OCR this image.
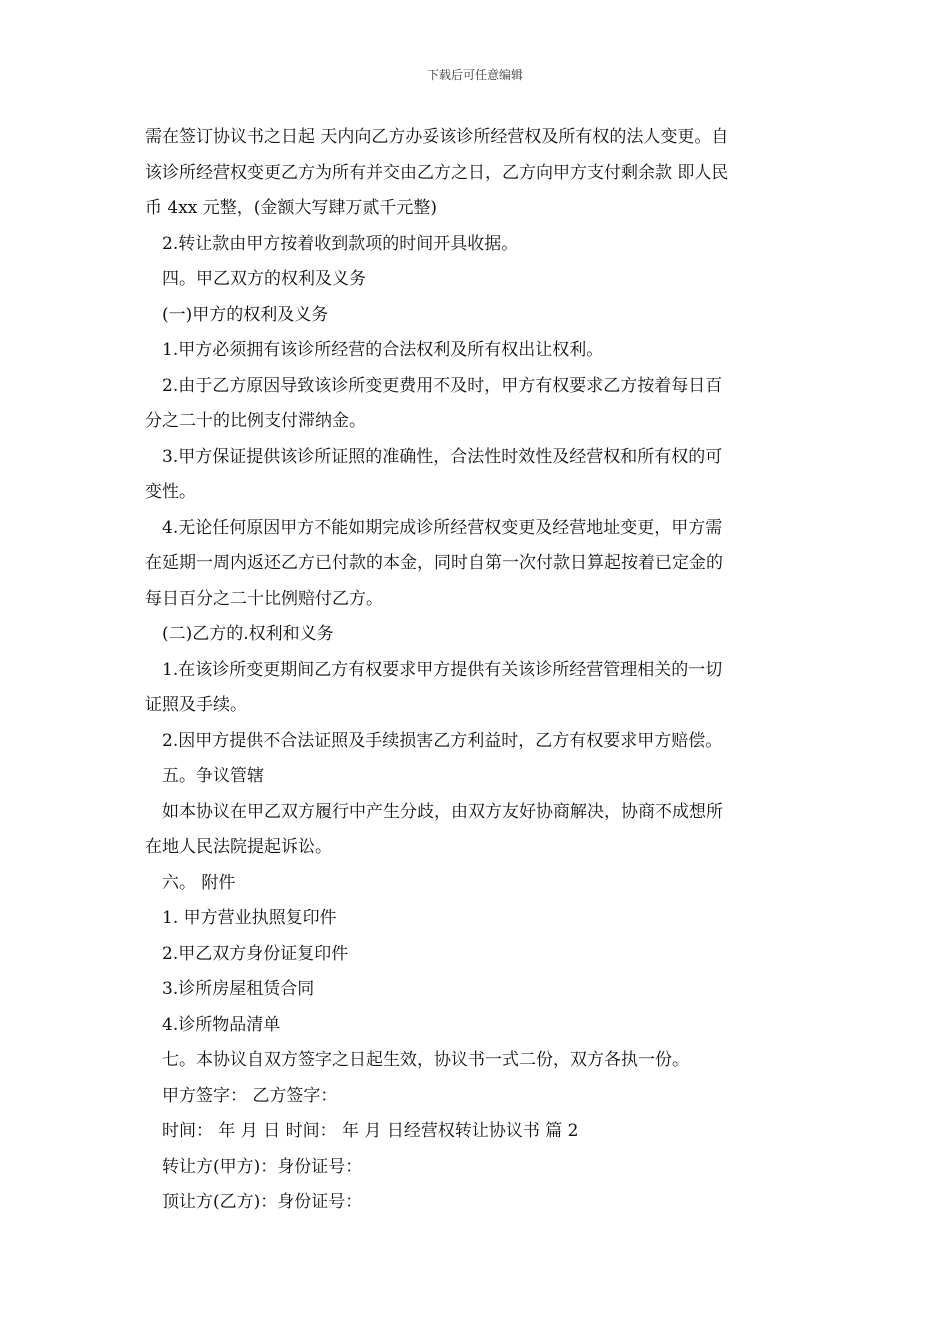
下载后可任意编辑
需在签订协议书之日起 天内向乙方办妥该诊所经营权及所有权的法人变更。自
该诊所经营权变更乙方为所有并交由乙方之日，乙方向甲方支付剩余款 即人民
币 4xx 元整，(金额大写肆万贰千元整)
2.转让款由甲方按着收到款项的时间开具收据。
四。甲乙双方的权利及义务
(一)甲方的权利及义务
1.甲方必须拥有该诊所经营的合法权利及所有权出让权利。
2.由于乙方原因导致该诊所变更费用不及时，甲方有权要求乙方按着每日百
分之二十的比例支付滞纳金。
3.甲方保证提供该诊所证照的准确性，合法性时效性及经营权和所有权的可
变性。
4.无论任何原因甲方不能如期完成诊所经营权变更及经营地址变更，甲方需
在延期一周内返还乙方已付款的本金，同时自第一次付款日算起按着已定金的
每日百分之二十比例赔付乙方。
(二)乙方的.权利和义务
1.在该诊所变更期间乙方有权要求甲方提供有关该诊所经营管理相关的一切
证照及手续。
2.因甲方提供不合法证照及手续损害乙方利益时，乙方有权要求甲方赔偿。
五。争议管辖
如本协议在甲乙双方履行中产生分歧，由双方友好协商解决，协商不成想所
在地人民法院提起诉讼。
六。 附件
1. 甲方营业执照复印件
2.甲乙双方身份证复印件
3.诊所房屋租赁合同
4.诊所物品清单
七。本协议自双方签字之日起生效，协议书一式二份，双方各执一份。
甲方签字： 乙方签字：
时间： 年 月 日 时间： 年 月 日经营权转让协议书 篇 2
转让方(甲方)：身份证号：
顶让方(乙方)：身份证号：
